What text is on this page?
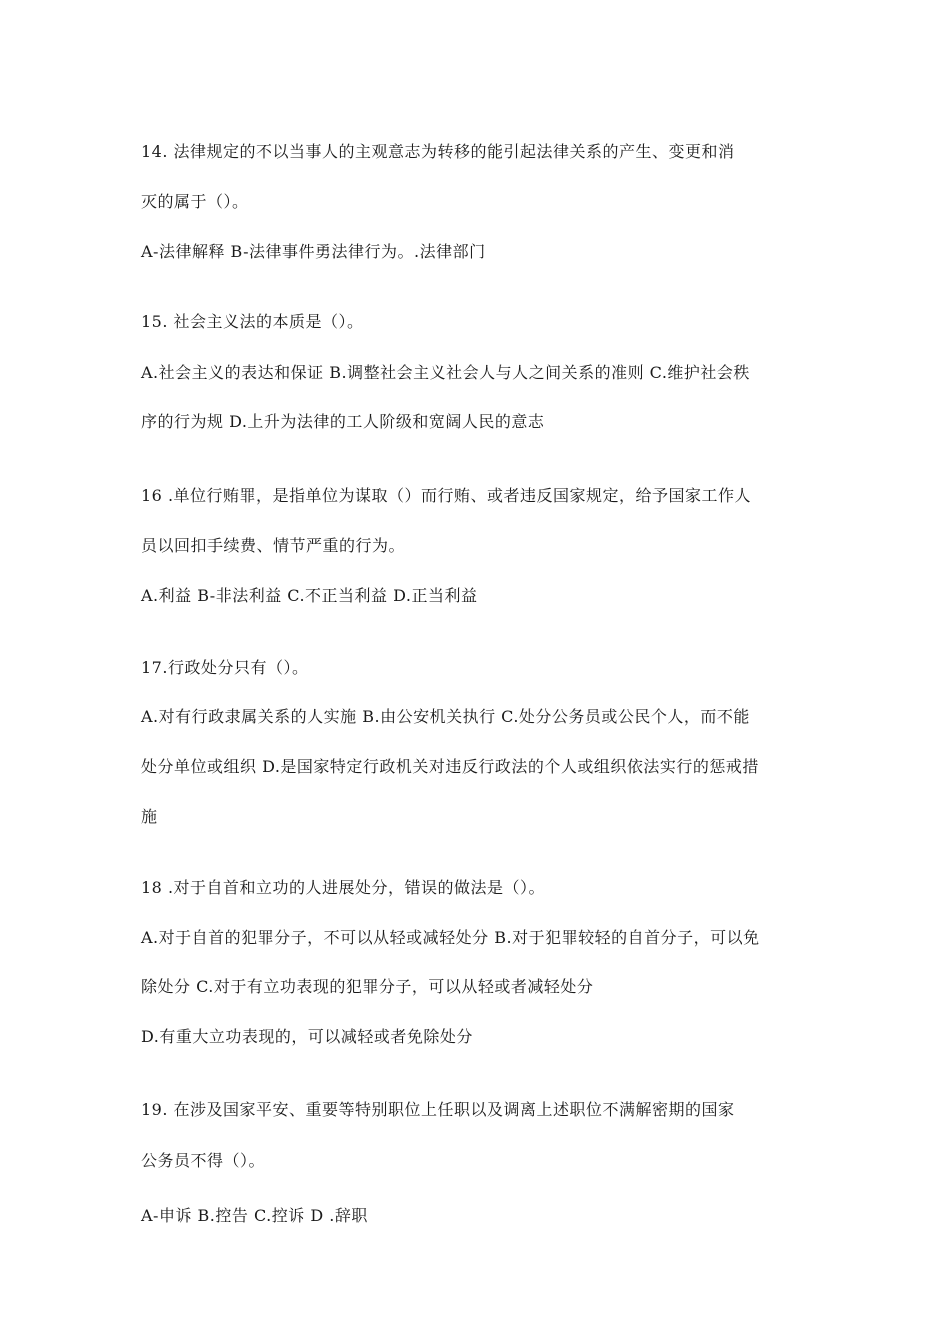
14. 法律规定的不以当事人的主观意志为转移的能引起法律关系的产生、变更和消
灭的属于（）。
A-法律解释 B-法律事件勇法律行为。.法律部门
15. 社会主义法的本质是（）。
A.社会主义的表达和保证 B.调整社会主义社会人与人之间关系的准则 C.维护社会秩
序的行为规 D.上升为法律的工人阶级和宽阔人民的意志
16 .单位行贿罪，是指单位为谋取（）而行贿、或者违反国家规定，给予国家工作人
员以回扣手续费、情节严重的行为。
A.利益 B-非法利益 C.不正当利益 D.正当利益
17.行政处分只有（）。
A.对有行政隶属关系的人实施 B.由公安机关执行 C.处分公务员或公民个人，而不能
处分单位或组织 D.是国家特定行政机关对违反行政法的个人或组织依法实行的惩戒措
施
18 .对于自首和立功的人进展处分，错误的做法是（）。
A.对于自首的犯罪分子，不可以从轻或减轻处分 B.对于犯罪较轻的自首分子，可以免
除处分 C.对于有立功表现的犯罪分子，可以从轻或者减轻处分
D.有重大立功表现的，可以减轻或者免除处分
19. 在涉及国家平安、重要等特别职位上任职以及调离上述职位不满解密期的国家
公务员不得（）。
A-申诉 B.控告 C.控诉 D .辞职
